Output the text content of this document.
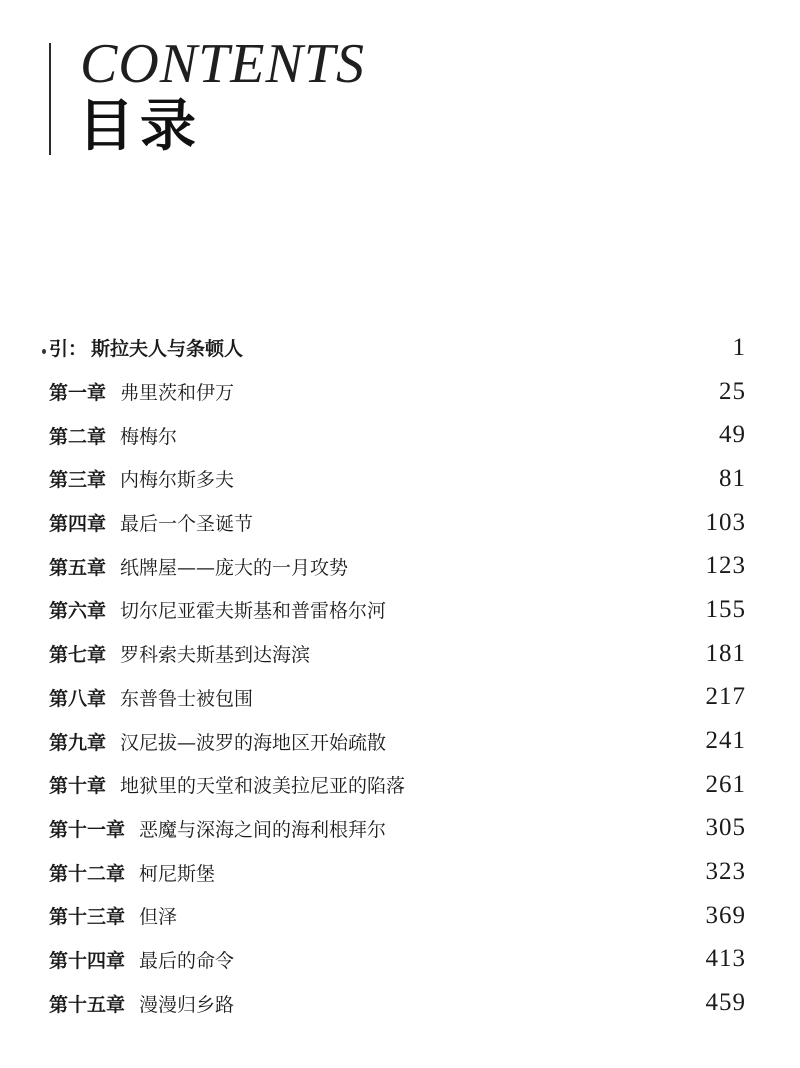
CONTENTS
目录
引： 斯拉夫人与条顿人	1
第一章 弗里茨和伊万	25
第二章 梅梅尔	49
第三章 内梅尔斯多夫	81
第四章 最后一个圣诞节	103
第五章 纸牌屋——庞大的一月攻势	123
第六章 切尔尼亚霍夫斯基和普雷格尔河	155
第七章 罗科索夫斯基到达海滨	181
第八章 东普鲁士被包围	217
第九章 汉尼拔—波罗的海地区开始疏散	241
第十章 地狱里的天堂和波美拉尼亚的陷落	261
第十一章 恶魔与深海之间的海利根拜尔	305
第十二章 柯尼斯堡	323
第十三章 但泽	369
第十四章 最后的命令	413
第十五章 漫漫归乡路	459
